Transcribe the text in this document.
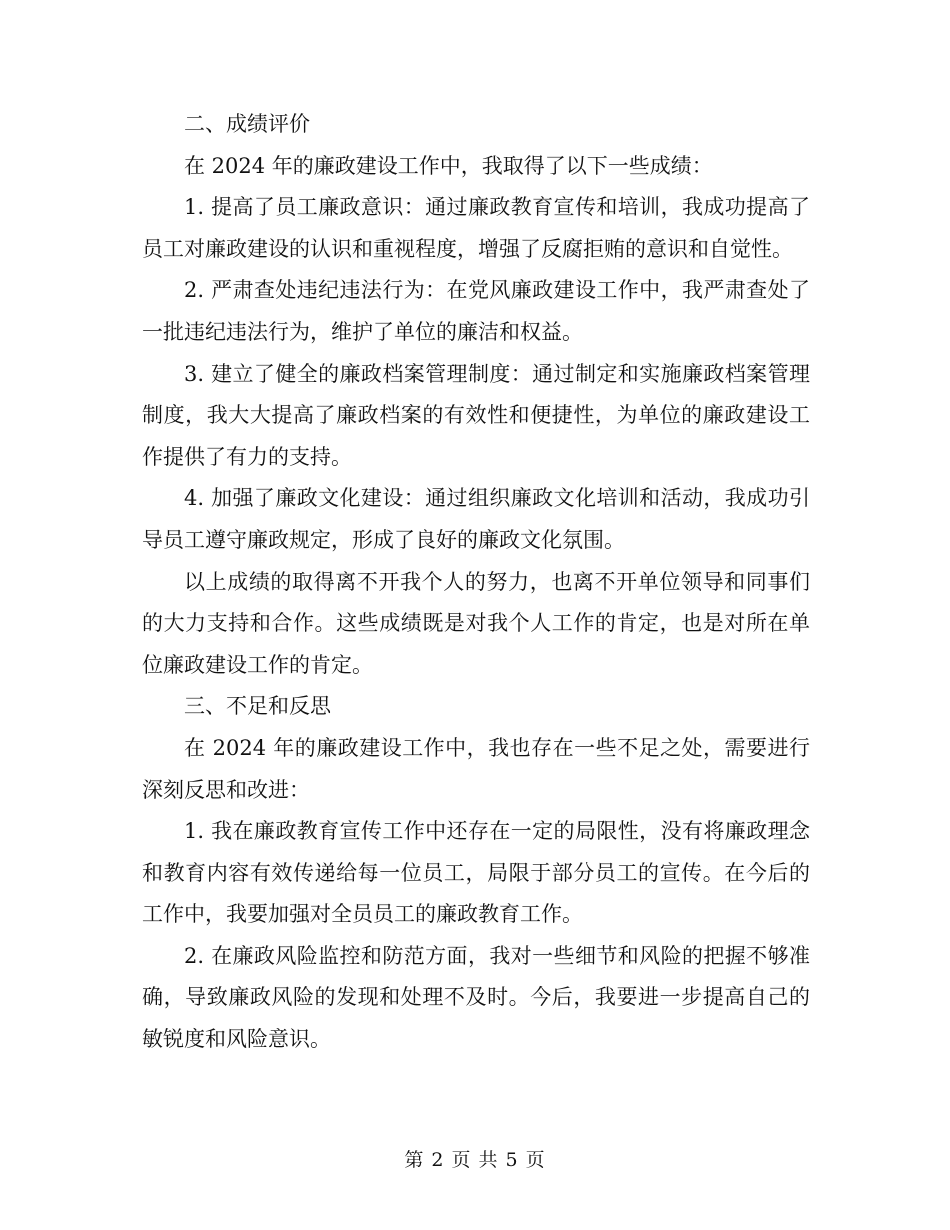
二、成绩评价

在 2024 年的廉政建设工作中，我取得了以下一些成绩：

1. 提高了员工廉政意识：通过廉政教育宣传和培训，我成功提高了员工对廉政建设的认识和重视程度，增强了反腐拒贿的意识和自觉性。

2. 严肃查处违纪违法行为：在党风廉政建设工作中，我严肃查处了一批违纪违法行为，维护了单位的廉洁和权益。

3. 建立了健全的廉政档案管理制度：通过制定和实施廉政档案管理制度，我大大提高了廉政档案的有效性和便捷性，为单位的廉政建设工作提供了有力的支持。

4. 加强了廉政文化建设：通过组织廉政文化培训和活动，我成功引导员工遵守廉政规定，形成了良好的廉政文化氛围。

以上成绩的取得离不开我个人的努力，也离不开单位领导和同事们的大力支持和合作。这些成绩既是对我个人工作的肯定，也是对所在单位廉政建设工作的肯定。

三、不足和反思

在 2024 年的廉政建设工作中，我也存在一些不足之处，需要进行深刻反思和改进：

1. 我在廉政教育宣传工作中还存在一定的局限性，没有将廉政理念和教育内容有效传递给每一位员工，局限于部分员工的宣传。在今后的工作中，我要加强对全员员工的廉政教育工作。

2. 在廉政风险监控和防范方面，我对一些细节和风险的把握不够准确，导致廉政风险的发现和处理不及时。今后，我要进一步提高自己的敏锐度和风险意识。

第 2 页 共 5 页
